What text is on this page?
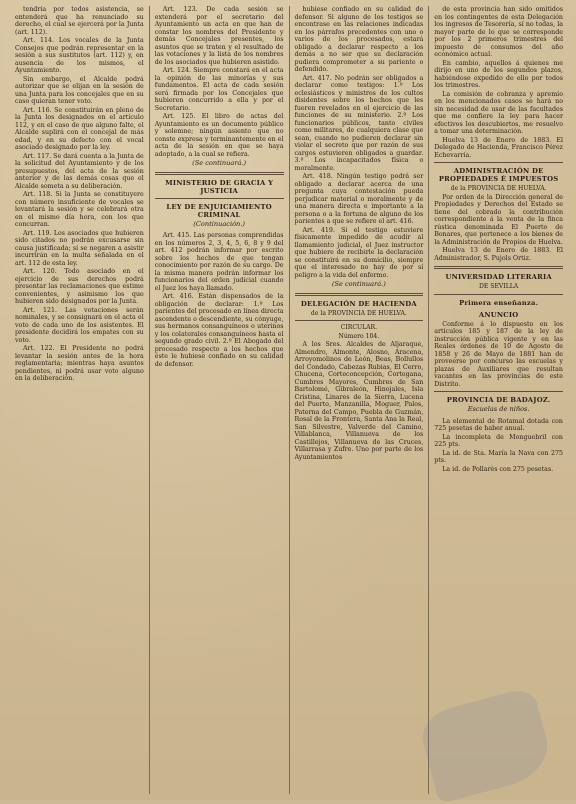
tendría por todos asistencia, se entenderá que ha renunciado su derecho, el cual se ejercerá por la Junta (art. 112).

Art. 114. Los vocales de la Junta Consejos que podrán representar en la sesión a sus sustitutos (art. 112) y, en ausencia de los mismos, el Ayuntamiento.

Sin embargo, el Alcalde podrá autorizar que se elijan en la sesión de una Junta para los concejales que en su caso quieran tener voto.

Art. 116. Se constituirán en pleno de la Junta los designados en el artículo 112, y en el caso de que alguno falte, el Alcalde suplirá con el concejal de más edad, y en su defecto con el vocal asociado designado por la ley.

Art. 117. Se dará cuenta a la Junta de la solicitud del Ayuntamiento y de los presupuestos, del acta de la sesión anterior y de las demás cosas que el Alcalde someta a su deliberación.

Art. 118. Si la Junta se constituyere con número insuficiente de vocales se levantará la sesión y se celebrará otra en el mismo día hora, con los que concurran.

Art. 119. Los asociados que hubieren sido citados no podrán excusarse sin causa justificada; si se negaren a asistir incurrirán en la multa señalada en el art. 112 de esta ley.

Art. 120. Todo asociado en el ejercicio de sus derechos podrá presentar las reclamaciones que estime convenientes, y asimismo los que hubieren sido designados por la Junta.

Art. 121. Las votaciones serán nominales, y se consignará en el acta el voto de cada uno de los asistentes. El presidente decidirá los empates con su voto.

Art. 122. El Presidente no podrá levantar la sesión antes de la hora reglamentaria; mientras haya asuntos pendientes, ni podrá usar voto alguno en la deliberación.

Art. 123. De cada sesión se extenderá por el secretario del Ayuntamiento un acta en que han de constar los nombres del Presidente y demás Concejales presentes, los asuntos que se traten y el resultado de las votaciones y la lista de los nombres de los asociados que hubieren asistido.

Art. 124. Siempre constará en el acta la opinión de las minorías y sus fundamentos. El acta de cada sesión será firmada por los Concejales que hubieren concurrido a ella y por el Secretario.

Art. 125. El libro de actas del Ayuntamiento es un documento público y solemne; ningún asiento que no conste expresa y terminantemente en el acta de la sesión en que se haya adoptado, a la cual se refiera.

(Se continuará.)
MINISTERIO DE GRACIA Y JUSTICIA
LEY DE ENJUICIAMIENTO CRIMINAL
(Continuación.)

Art. 415. Las personas comprendidas en los números 2, 3, 4, 5, 6, 8 y 9 del art. 412 podrán informar por escrito sobre los hechos de que tengan conocimiento por razón de su cargo. De la misma manera podrán informar los funcionarios del orden judicial cuando el Juez los haya llamado.

Art. 416. Están dispensados de la obligación de declarar: 1.º Los parientes del procesado en línea directa ascendente o descendiente, su cónyuge, sus hermanos consanguíneos o uterinos y los colaterales consanguíneos hasta el segundo grado civil. 2.º El Abogado del procesado respecto a los hechos que éste le hubiese confiado en su calidad de defensor.

hubiese confiado en su calidad de defensor. Si alguno de los testigos se encontrase en las relaciones indicadas en los párrafos precedentes con uno o varios de los procesados, estará obligado a declarar respecto a los demás a no ser que su declaración pudiera comprometer a su pariente o defendido.

Art. 417. No podrán ser obligados a declarar como testigos: 1.º Los eclesiásticos y ministros de los cultos disidentes sobre los hechos que les fueren revelados en el ejercicio de las funciones de su ministerio. 2.º Los funcionarios públicos, tanto civiles como militares, de cualquiera clase que sean, cuando no pudieren declarar sin violar el secreto que por razón de sus cargos estuvieren obligados a guardar. 3.º Los incapacitados física o moralmente.

Art. 418. Ningún testigo podrá ser obligado a declarar acerca de una pregunta cuya contestación pueda perjudicar material o moralmente y de una manera directa e importante a la persona o a la fortuna de alguno de los parientes a que se refiere el art. 416.

Art. 419. Si el testigo estuviere físicamente impedido de acudir al llamamiento judicial, el Juez instructor que hubiere de recibirle la declaración se constituirá en su domicilio, siempre que el interesado no hay de por sí peligro a la vida del enfermo.

(Se continuará.)
DELEGACIÓN DE HACIENDA
de la PROVINCIA DE HUELVA.
CIRCULAR.
Número 104.

A los Sres. Alcaldes de Aljaraque, Almendro, Almonte, Alosno, Aracena, Arroyomolinos de León, Beas, Bollullos del Condado, Cabezas Rubias, El Cerro, Chucena, Corteconcepción, Cortegana, Cumbres Mayores, Cumbres de San Bartolomé, Gibraleón, Hinojales, Isla Cristina, Linares de la Sierra, Lucena del Puerto, Manzanilla, Moguer, Palos, Paterna del Campo, Puebla de Guzmán, Rosal de la Frontera, Santa Ana la Real, San Silvestre, Valverde del Camino, Villablanca, Villanueva de los Castillejos, Villanueva de las Cruces, Villarrasa y Zufre. Uno por parte de los Ayuntamientos

de esta provincia han sido omitidos en los contingentes de esta Delegación los ingresos de Tesorería, sí no todas, la mayor parte de lo que se corresponde por los 2 primeros trimestres del impuesto de consumos del año económico actual.

En cambio, aquellos á quienes me dirijo en uno de los segundos plazos, habiéndose expedido de ello por todos los trimestres.

La comisión de cobranza y apremio en los mencionados casos se hará no sin necesidad de usar de las facultades que me confiere la ley para hacer efectivos los descubiertos, me resuelvo a tomar una determinación.

Huelva 13 de Enero de 1883. El Delegado de Hacienda, Francisco Pérez Echevarría.

ADMINISTRACIÓN DE PROPIEDADES É IMPUESTOS
de la PROVINCIA DE HUELVA.

Por orden de la Dirección general de Propiedades y Derechos del Estado se tiene del cobrado la contribución correspondiente á la venta de la finca rústica denominada El Puerto de Bonares, que pertenece a los bienes de la Administración de Propios de Huelva.

Huelva 13 de Enero de 1883. El Administrador, S. Pujols Ortiz.

UNIVERSIDAD LITERARIA
DE SEVILLA
Primera enseñanza.
ANUNCIO

Conforme á lo dispuesto en los artículos 185 y 187 de la ley de instrucción pública vigente y en las Reales órdenes de 10 de Agosto de 1858 y 26 de Mayo de 1881 han de proveerse por concurso las escuelas y plazas de Auxiliares que resultan vacantes en las provincias de este Distrito.

PROVINCIA DE BADAJOZ.
Escuelas de niños.

La elemental de Rotamal dotada con 725 pesetas de haber anual.

La incompleta de Monguebril con 225 pts.

La id. de Sta. María la Nava con 275 pts.

La id. de Pollarès con 275 pesetas.
